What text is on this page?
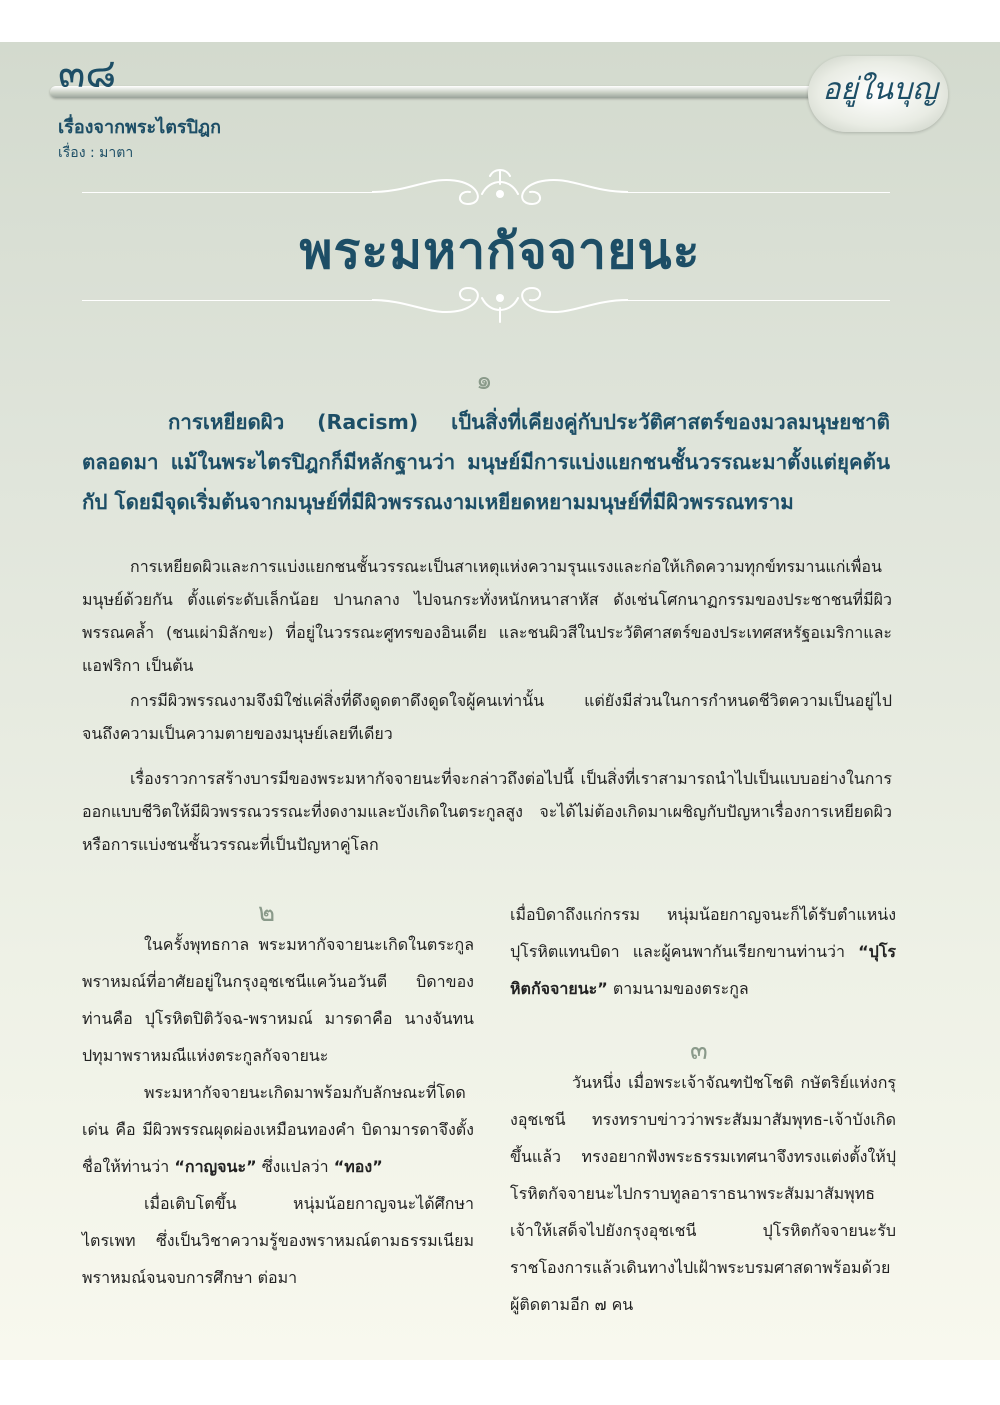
๓๘	อยู่ในบุญ
เรื่องจากพระไตรปิฎก
เรื่อง : มาตา
พระมหากัจจายนะ
๑
การเหยียดผิว (Racism) เป็นสิ่งที่เคียงคู่กับประวัติศาสตร์ของมวลมนุษยชาติตลอดมา แม้ในพระไตรปิฎกก็มีหลักฐานว่า มนุษย์มีการแบ่งแยกชนชั้นวรรณะมาตั้งแต่ยุคต้นกัป โดยมีจุดเริ่มต้นจากมนุษย์ที่มีผิวพรรณงามเหยียดหยามมนุษย์ที่มีผิวพรรณทราม
การเหยียดผิวและการแบ่งแยกชนชั้นวรรณะเป็นสาเหตุแห่งความรุนแรงและก่อให้เกิดความทุกข์ทรมานแก่เพื่อนมนุษย์ด้วยกัน ตั้งแต่ระดับเล็กน้อย ปานกลาง ไปจนกระทั่งหนักหนาสาหัส ดังเช่นโศกนาฏกรรมของประชาชนที่มีผิวพรรณคล้ำ (ชนเผ่ามิลักขะ) ที่อยู่ในวรรณะศูทรของอินเดีย และชนผิวสีในประวัติศาสตร์ของประเทศสหรัฐอเมริกาและแอฟริกา เป็นต้น
การมีผิวพรรณงามจึงมิใช่แค่สิ่งที่ดึงดูดตาดึงดูดใจผู้คนเท่านั้น แต่ยังมีส่วนในการกำหนดชีวิตความเป็นอยู่ไปจนถึงความเป็นความตายของมนุษย์เลยทีเดียว
เรื่องราวการสร้างบารมีของพระมหากัจจายนะที่จะกล่าวถึงต่อไปนี้ เป็นสิ่งที่เราสามารถนำไปเป็นแบบอย่างในการออกแบบชีวิตให้มีผิวพรรณวรรณะที่งดงามและบังเกิดในตระกูลสูง จะได้ไม่ต้องเกิดมาเผชิญกับปัญหาเรื่องการเหยียดผิวหรือการแบ่งชนชั้นวรรณะที่เป็นปัญหาคู่โลก
๒

ในครั้งพุทธกาล พระมหากัจจายนะเกิดในตระกูลพราหมณ์ที่อาศัยอยู่ในกรุงอุชเชนีแคว้นอวันตี บิดาของท่านคือ ปุโรหิตปิติวัจฉ-พราหมณ์ มารดาคือ นางจันทนปทุมาพราหมณีแห่งตระกูลกัจจายนะ

พระมหากัจจายนะเกิดมาพร้อมกับลักษณะที่โดดเด่น คือ มีผิวพรรณผุดผ่องเหมือนทองคำ บิดามารดาจึงตั้งชื่อให้ท่านว่า “กาญจนะ” ซึ่งแปลว่า “ทอง”

เมื่อเติบโตขึ้น หนุ่มน้อยกาญจนะได้ศึกษาไตรเพท ซึ่งเป็นวิชาความรู้ของพราหมณ์ตามธรรมเนียมพราหมณ์จนจบการศึกษา ต่อมา

เมื่อบิดาถึงแก่กรรม หนุ่มน้อยกาญจนะก็ได้รับตำแหน่งปุโรหิตแทนบิดา และผู้คนพากันเรียกขานท่านว่า “ปุโรหิตกัจจายนะ” ตามนามของตระกูล

๓

วันหนึ่ง เมื่อพระเจ้าจัณฑปัชโชติ กษัตริย์แห่งกรุงอุชเชนี ทรงทราบข่าวว่าพระสัมมาสัมพุทธ-เจ้าบังเกิดขึ้นแล้ว ทรงอยากฟังพระธรรมเทศนาจึงทรงแต่งตั้งให้ปุโรหิตกัจจายนะไปกราบทูลอาราธนาพระสัมมาสัมพุทธเจ้าให้เสด็จไปยังกรุงอุชเชนี ปุโรหิตกัจจายนะรับราชโองการแล้วเดินทางไปเฝ้าพระบรมศาสดาพร้อมด้วยผู้ติดตามอีก ๗ คน
